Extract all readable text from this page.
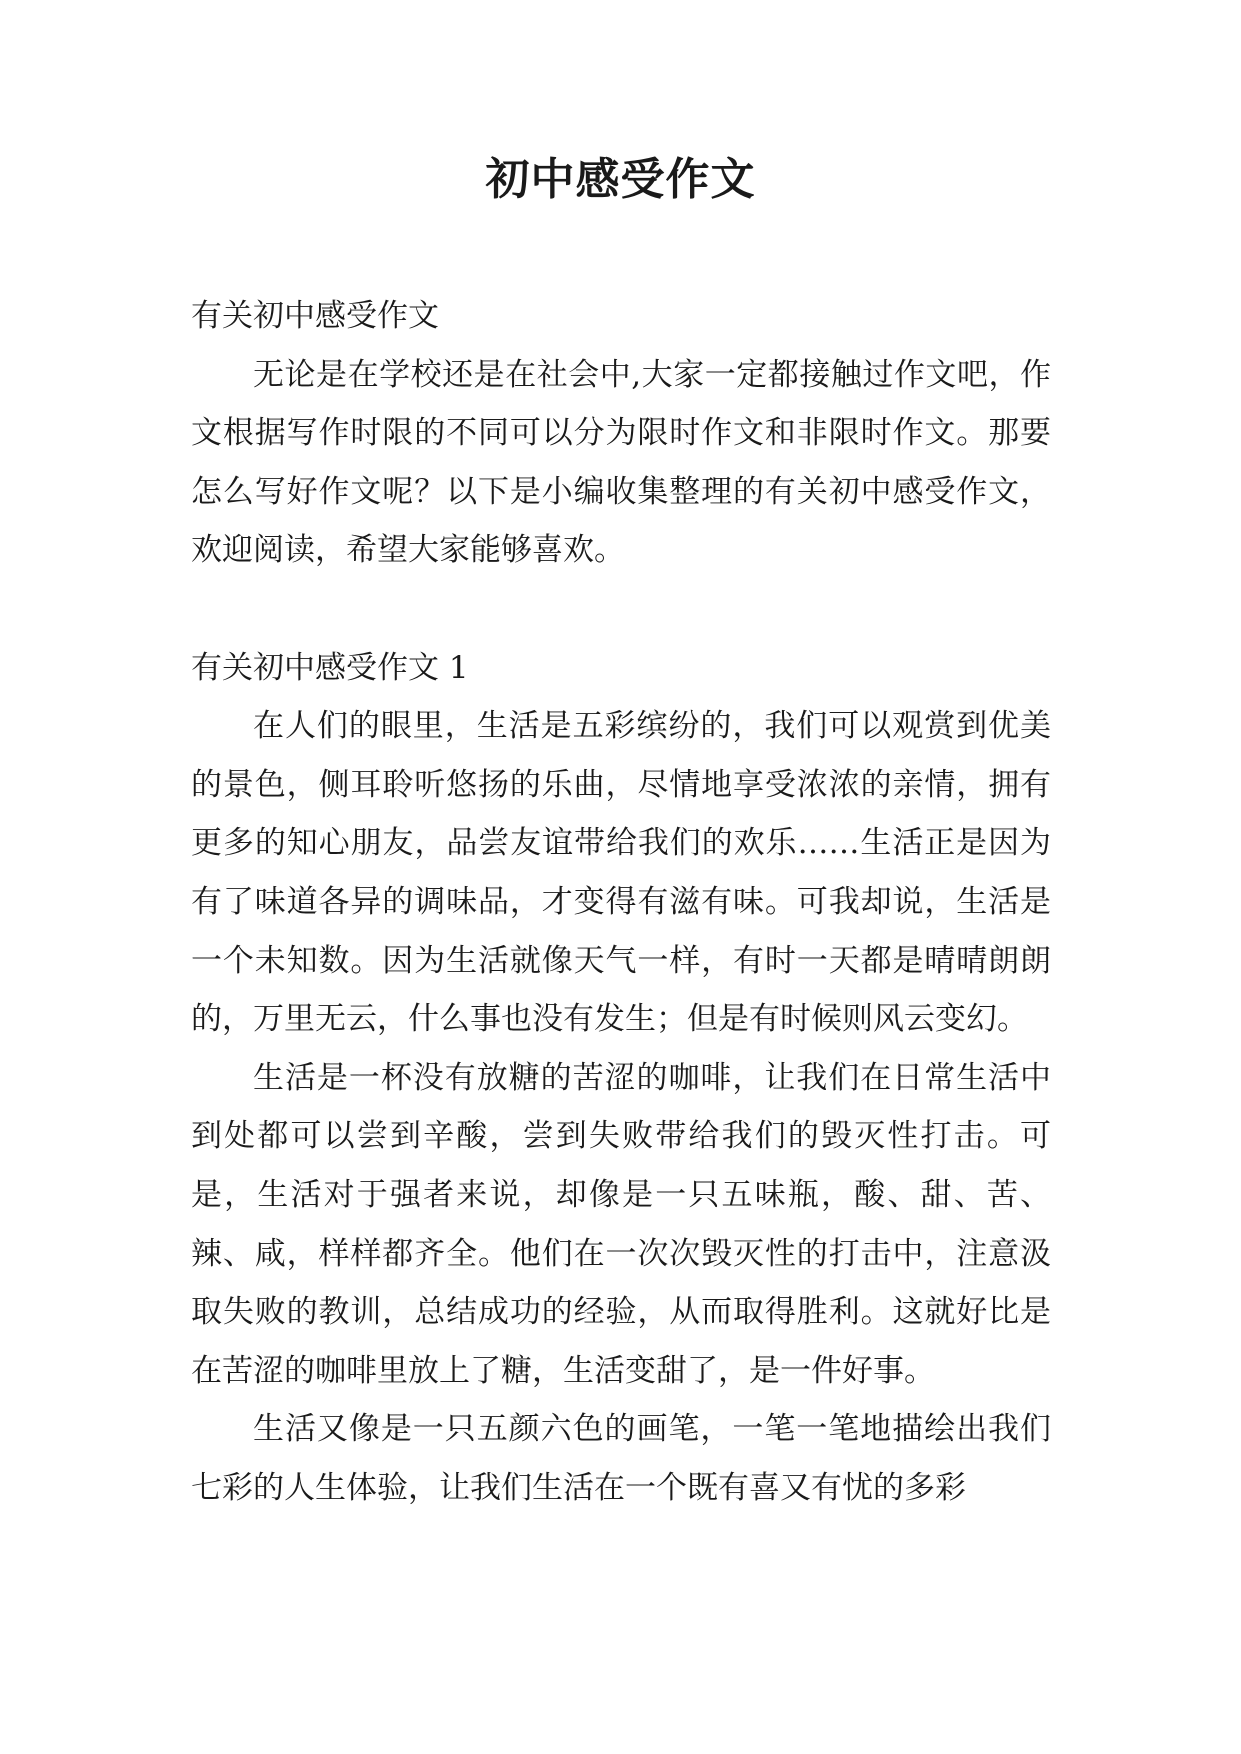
初中感受作文

有关初中感受作文

无论是在学校还是在社会中,大家一定都接触过作文吧，作文根据写作时限的不同可以分为限时作文和非限时作文。那要怎么写好作文呢？以下是小编收集整理的有关初中感受作文，欢迎阅读，希望大家能够喜欢。

有关初中感受作文 1

在人们的眼里，生活是五彩缤纷的，我们可以观赏到优美的景色，侧耳聆听悠扬的乐曲，尽情地享受浓浓的亲情，拥有更多的知心朋友，品尝友谊带给我们的欢乐……生活正是因为有了味道各异的调味品，才变得有滋有味。可我却说，生活是一个未知数。因为生活就像天气一样，有时一天都是晴晴朗朗的，万里无云，什么事也没有发生；但是有时候则风云变幻。

生活是一杯没有放糖的苦涩的咖啡，让我们在日常生活中到处都可以尝到辛酸，尝到失败带给我们的毁灭性打击。可是，生活对于强者来说，却像是一只五味瓶，酸、甜、苦、辣、咸，样样都齐全。他们在一次次毁灭性的打击中，注意汲取失败的教训，总结成功的经验，从而取得胜利。这就好比是在苦涩的咖啡里放上了糖，生活变甜了，是一件好事。

生活又像是一只五颜六色的画笔，一笔一笔地描绘出我们七彩的人生体验，让我们生活在一个既有喜又有忧的多彩
